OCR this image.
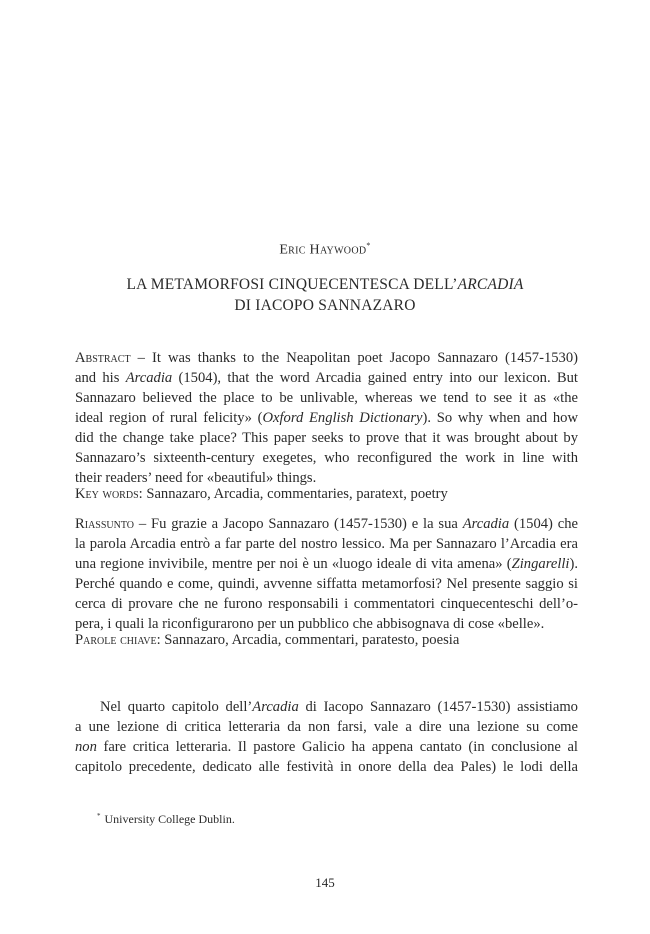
Eric Haywood*
LA METAMORFOSI CINQUECENTESCA DELL’ARCADIA
DI IACOPO SANNAZARO
Abstract – It was thanks to the Neapolitan poet Jacopo Sannazaro (1457-1530)
and his Arcadia (1504), that the word Arcadia gained entry into our lexicon. But
Sannazaro believed the place to be unlivable, whereas we tend to see it as «the
ideal region of rural felicity» (Oxford English Dictionary). So why when and how
did the change take place? This paper seeks to prove that it was brought about by
Sannazaro’s sixteenth-century exegetes, who reconfigured the work in line with
their readers’ need for «beautiful» things.
Key words: Sannazaro, Arcadia, commentaries, paratext, poetry
Riassunto – Fu grazie a Jacopo Sannazaro (1457-1530) e la sua Arcadia (1504) che
la parola Arcadia entrò a far parte del nostro lessico. Ma per Sannazaro l’Arcadia era
una regione invivibile, mentre per noi è un «luogo ideale di vita amena» (Zingarelli).
Perché quando e come, quindi, avvenne siffatta metamorfosi? Nel presente saggio si
cerca di provare che ne furono responsabili i commentatori cinquecenteschi dell’o-
pera, i quali la riconfigurarono per un pubblico che abbisognava di cose «belle».
Parole chiave: Sannazaro, Arcadia, commentari, paratesto, poesia
Nel quarto capitolo dell’Arcadia di Iacopo Sannazaro (1457-1530) assistiamo
a une lezione di critica letteraria da non farsi, vale a dire una lezione su come
non fare critica letteraria. Il pastore Galicio ha appena cantato (in conclusione al
capitolo precedente, dedicato alle festività in onore della dea Pales) le lodi della
* University College Dublin.
145
